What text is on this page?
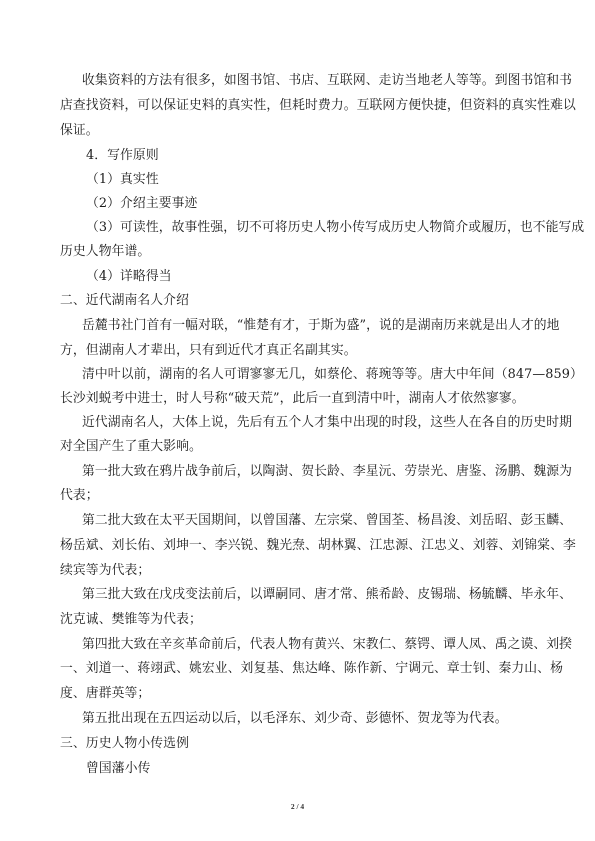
收集资料的方法有很多，如图书馆、书店、互联网、走访当地老人等等。到图书馆和书
店查找资料，可以保证史料的真实性，但耗时费力。互联网方便快捷，但资料的真实性难以
保证。
4．写作原则
（1）真实性
（2）介绍主要事迹
（3）可读性，故事性强，切不可将历史人物小传写成历史人物简介或履历，也不能写成
历史人物年谱。
（4）详略得当
二、近代湖南名人介绍
岳麓书社门首有一幅对联，“惟楚有才，于斯为盛”，说的是湖南历来就是出人才的地
方，但湖南人才辈出，只有到近代才真正名副其实。
清中叶以前，湖南的名人可谓寥寥无几，如蔡伦、蒋琬等等。唐大中年间（847—859）
长沙刘蜕考中进士，时人号称“破天荒”，此后一直到清中叶，湖南人才依然寥寥。
近代湖南名人，大体上说，先后有五个人才集中出现的时段，这些人在各自的历史时期
对全国产生了重大影响。
第一批大致在鸦片战争前后，以陶澍、贺长龄、李星沅、劳崇光、唐鉴、汤鹏、魏源为
代表；
第二批大致在太平天国期间，以曾国藩、左宗棠、曾国荃、杨昌浚、刘岳昭、彭玉麟、
杨岳斌、刘长佑、刘坤一、李兴锐、魏光焘、胡林翼、江忠源、江忠义、刘蓉、刘锦棠、李
续宾等为代表；
第三批大致在戊戌变法前后，以谭嗣同、唐才常、熊希龄、皮锡瑞、杨毓麟、毕永年、
沈克诚、樊锥等为代表；
第四批大致在辛亥革命前后，代表人物有黄兴、宋教仁、蔡锷、谭人凤、禹之谟、刘揆
一、刘道一、蒋翊武、姚宏业、刘复基、焦达峰、陈作新、宁调元、章士钊、秦力山、杨
度、唐群英等；
第五批出现在五四运动以后，以毛泽东、刘少奇、彭德怀、贺龙等为代表。
三、历史人物小传选例
曾国藩小传
2 / 4
